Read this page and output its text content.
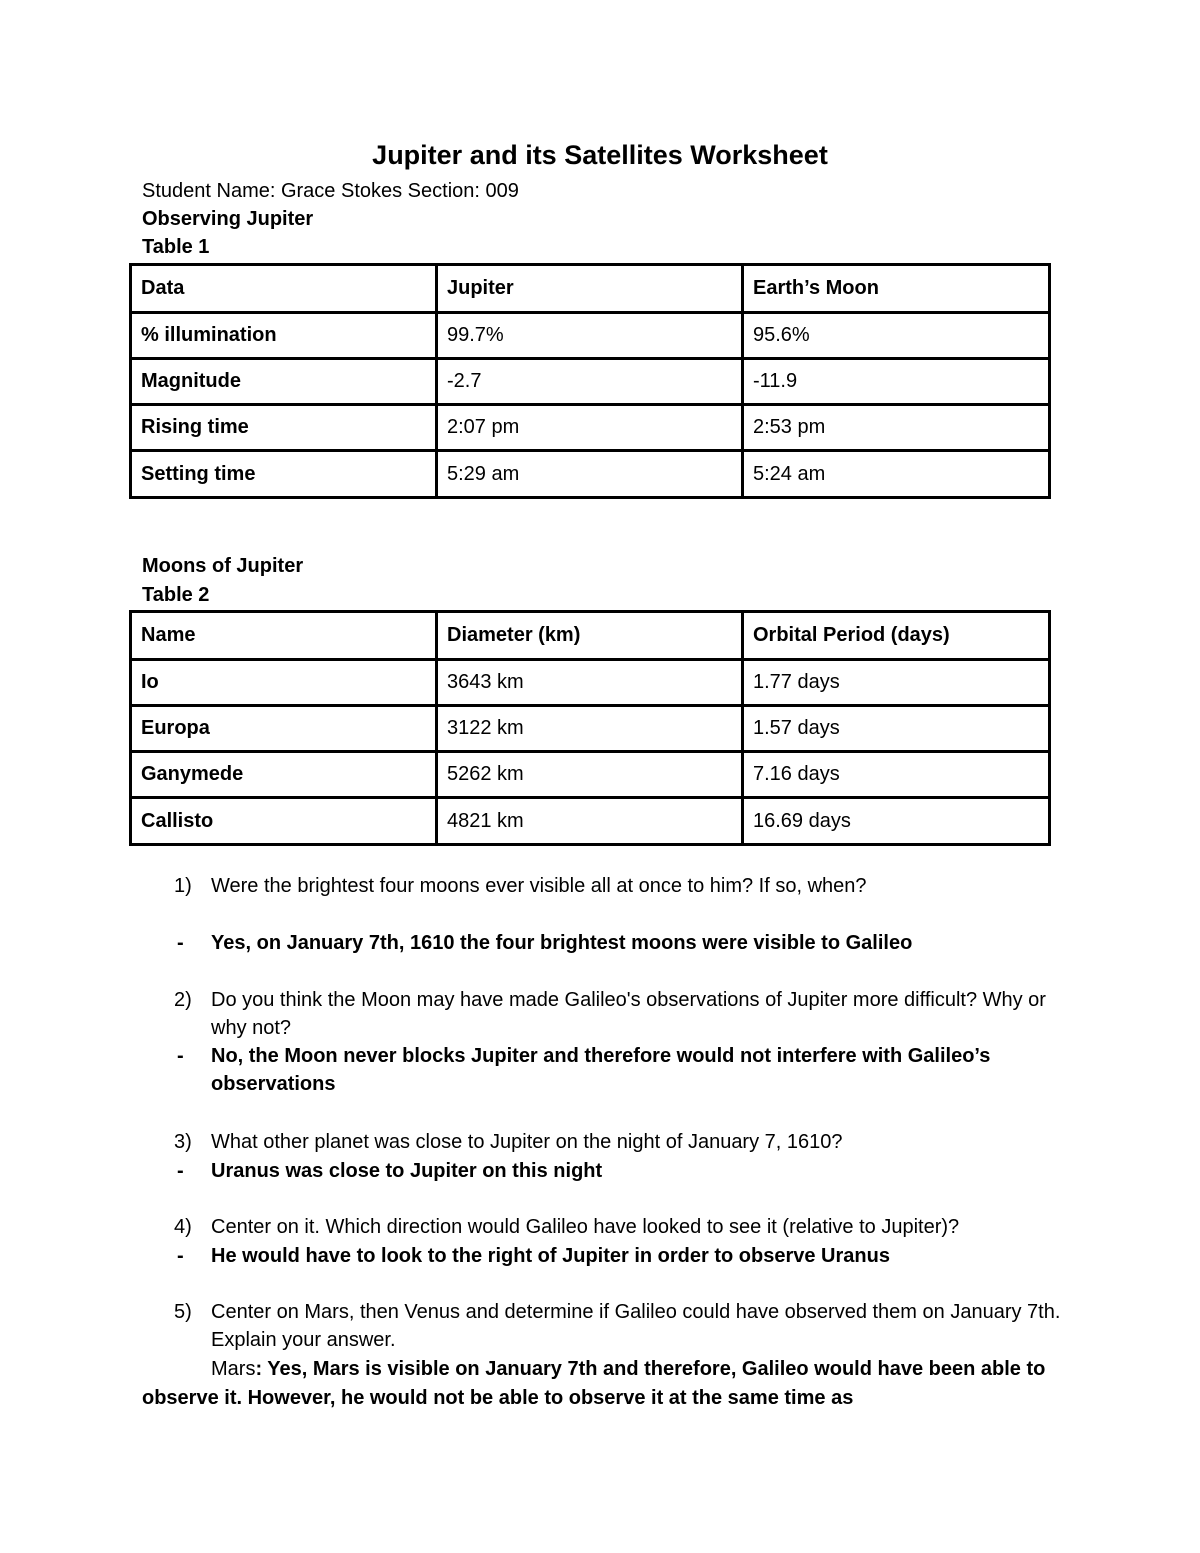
Jupiter and its Satellites Worksheet
Student Name: Grace Stokes Section: 009
Observing Jupiter
Table 1
Data	Jupiter	Earth’s Moon
% illumination	99.7%	95.6%
Magnitude	-2.7	-11.9
Rising time	2:07 pm	2:53 pm
Setting time	5:29 am	5:24 am
Moons of Jupiter
Table 2
Name	Diameter (km)	Orbital Period (days)
Io	3643 km	1.77 days
Europa	3122 km	1.57 days
Ganymede	5262 km	7.16 days
Callisto	4821 km	16.69 days
1) Were the brightest four moons ever visible all at once to him? If so, when?
- Yes, on January 7th, 1610 the four brightest moons were visible to Galileo
2) Do you think the Moon may have made Galileo's observations of Jupiter more difficult? Why or why not?
- No, the Moon never blocks Jupiter and therefore would not interfere with Galileo’s observations
3) What other planet was close to Jupiter on the night of January 7, 1610?
- Uranus was close to Jupiter on this night
4) Center on it. Which direction would Galileo have looked to see it (relative to Jupiter)?
- He would have to look to the right of Jupiter in order to observe Uranus
5) Center on Mars, then Venus and determine if Galileo could have observed them on January 7th. Explain your answer.
Mars: Yes, Mars is visible on January 7th and therefore, Galileo would have been able to observe it. However, he would not be able to observe it at the same time as
